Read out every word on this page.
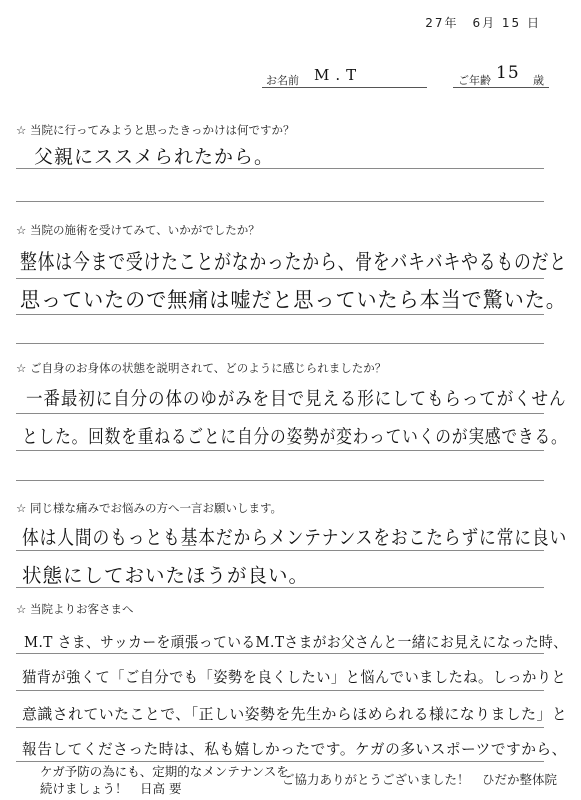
27年　6月 15 日
お名前 M.T	ご年齢 15 歳
☆ 当院に行ってみようと思ったきっかけは何ですか？
父親にススメられたから。
☆ 当院の施術を受けてみて、いかがでしたか？
整体は今まで受けたことがなかったから、骨をバキバキやるものだと
思っていたので無痛は嘘だと思っていたら本当で驚いた。
☆ ご自身のお身体の状態を説明されて、どのように感じられましたか？
一番最初に自分の体のゆがみを目で見える形にしてもらってがくせん
とした。回数を重ねるごとに自分の姿勢が変わっていくのが実感できる。
☆ 同じ様な痛みでお悩みの方へ一言お願いします。
体は人間のもっとも基本だからメンテナンスをおこたらずに常に良い
状態にしておいたほうが良い。
☆ 当院よりお客さまへ
M.T さま、サッカーを頑張っているM.Tさまがお父さんと一緒にお見えになった時、
猫背が強くて「ご自分でも「姿勢を良くしたい」と悩んでいましたね。しっかりと
意識されていたことで、「正しい姿勢を先生からほめられる様になりました」と
報告してくださった時は、私も嬉しかったです。ケガの多いスポーツですから、
ケガ予防の為にも、定期的なメンテナンスを
続けましょう！　日高 要
ご協力ありがとうございました！　ひだか整体院
